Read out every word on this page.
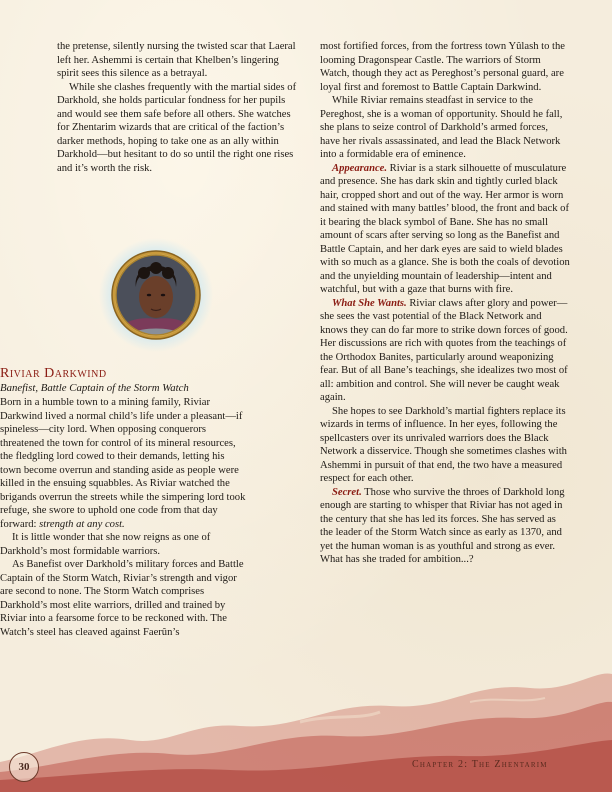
the pretense, silently nursing the twisted scar that Laeral left her. Ashemmi is certain that Khelben’s lingering spirit sees this silence as a betrayal.

While she clashes frequently with the martial sides of Darkhold, she holds particular fondness for her pupils and would see them safe before all others. She watches for Zhentarim wizards that are critical of the faction’s darker methods, hoping to take one as an ally within Darkhold—but hesitant to do so until the right one rises and it’s worth the risk.

Riviar Darkwind
Banefist, Battle Captain of the Storm Watch

Born in a humble town to a mining family, Riviar Darkwind lived a normal child’s life under a pleasant—if spineless—city lord. When opposing conquerors threatened the town for control of its mineral resources, the fledgling lord cowed to their demands, letting his town become overrun and standing aside as people were killed in the ensuing squabbles. As Riviar watched the brigands overrun the streets while the simpering lord took refuge, she swore to uphold one code from that day forward: strength at any cost.

It is little wonder that she now reigns as one of Darkhold’s most formidable warriors.

As Banefist over Darkhold’s military forces and Battle Captain of the Storm Watch, Riviar’s strength and vigor are second to none. The Storm Watch comprises Darkhold’s most elite warriors, drilled and trained by Riviar into a fearsome force to be reckoned with. The Watch’s steel has cleaved against Faerûn’s

most fortified forces, from the fortress town Yûlash to the looming Dragonspear Castle. The warriors of Storm Watch, though they act as Pereghost’s personal guard, are loyal first and foremost to Battle Captain Darkwind.

While Riviar remains steadfast in service to the Pereghost, she is a woman of opportunity. Should he fall, she plans to seize control of Darkhold’s armed forces, have her rivals assassinated, and lead the Black Network into a formidable era of eminence.

Appearance. Riviar is a stark silhouette of musculature and presence. She has dark skin and tightly curled black hair, cropped short and out of the way. Her armor is worn and stained with many battles’ blood, the front and back of it bearing the black symbol of Bane. She has no small amount of scars after serving so long as the Banefist and Battle Captain, and her dark eyes are said to wield blades with so much as a glance. She is both the coals of devotion and the unyielding mountain of leadership—intent and watchful, but with a gaze that burns with fire.

What She Wants. Riviar claws after glory and power—she sees the vast potential of the Black Network and knows they can do far more to strike down forces of good. Her discussions are rich with quotes from the teachings of the Orthodox Banites, particularly around weaponizing fear. But of all Bane’s teachings, she idealizes two most of all: ambition and control. She will never be caught weak again.

She hopes to see Darkhold’s martial fighters replace its wizards in terms of influence. In her eyes, following the spellcasters over its unrivaled warriors does the Black Network a disservice. Though she sometimes clashes with Ashemmi in pursuit of that end, the two have a measured respect for each other.

Secret. Those who survive the throes of Darkhold long enough are starting to whisper that Riviar has not aged in the century that she has led its forces. She has served as the leader of the Storm Watch since as early as 1370, and yet the human woman is as youthful and strong as ever. What has she traded for ambition...?

30	Chapter 2: The Zhentarim
